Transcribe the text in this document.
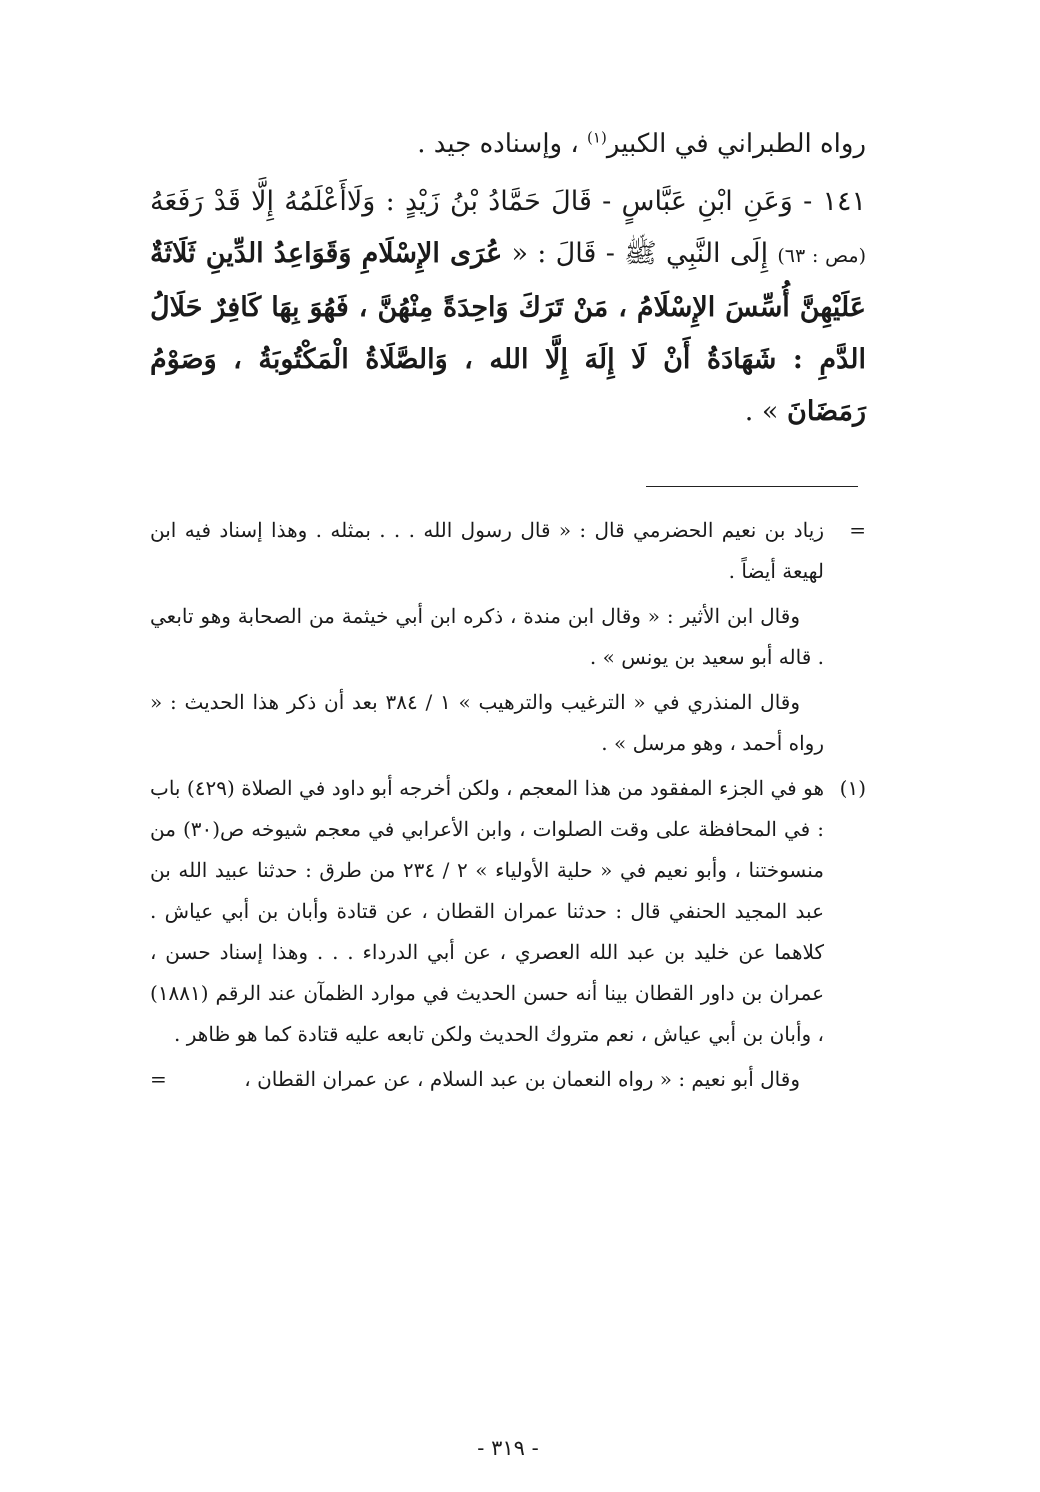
رواه الطبراني في الكبير$^{(١)}$ ، وإسناده جيد .

١٤١ - وَعَنِ ابْنِ عَبَّاسٍ - قَالَ حَمَّادُ بْنُ زَيْدٍ : وَلَاأَعْلَمُهُ إِلَّا قَدْ رَفَعَهُ (مص : ٦٣) إِلَى النَّبِي ﷺ - قَالَ : « عُرَى الإِسْلَامِ وَقَوَاعِدُ الدِّينِ ثَلَاثَةٌ عَلَيْهِنَّ أُسِّسَ الإِسْلَامُ ، مَنْ تَرَكَ وَاحِدَةً مِنْهُنَّ ، فَهُوَ بِهَا كَافِرٌ حَلَالُ الدَّمِ : شَهَادَةُ أَنْ لَا إِلَهَ إِلَّا الله ، وَالصَّلَاةُ الْمَكْتُوبَةُ ، وَصَوْمُ رَمَضَانَ » .

=
زياد بن نعيم الحضرمي قال : « قال رسول الله . . . بمثله . وهذا إسناد فيه ابن لهيعة أيضاً .

وقال ابن الأثير : « وقال ابن مندة ، ذكره ابن أبي خيثمة من الصحابة وهو تابعي . قاله أبو سعيد بن يونس » .

وقال المنذري في « الترغيب والترهيب » ١ / ٣٨٤ بعد أن ذكر هذا الحديث : « رواه أحمد ، وهو مرسل » .

(١)
هو في الجزء المفقود من هذا المعجم ، ولكن أخرجه أبو داود في الصلاة (٤٢٩) باب : في المحافظة على وقت الصلوات ، وابن الأعرابي في معجم شيوخه ص(٣٠) من منسوختنا ، وأبو نعيم في « حلية الأولياء » ٢ / ٢٣٤ من طرق : حدثنا عبيد الله بن عبد المجيد الحنفي قال : حدثنا عمران القطان ، عن قتادة وأبان بن أبي عياش . كلاهما عن خليد بن عبد الله العصري ، عن أبي الدرداء . . . وهذا إسناد حسن ، عمران بن داور القطان بينا أنه حسن الحديث في موارد الظمآن عند الرقم (١٨٨١) ، وأبان بن أبي عياش ، نعم متروك الحديث ولكن تابعه عليه قتادة كما هو ظاهر .
وقال أبو نعيم : « رواه النعمان بن عبد السلام ، عن عمران القطان ،
=
- ٣١٩ -
